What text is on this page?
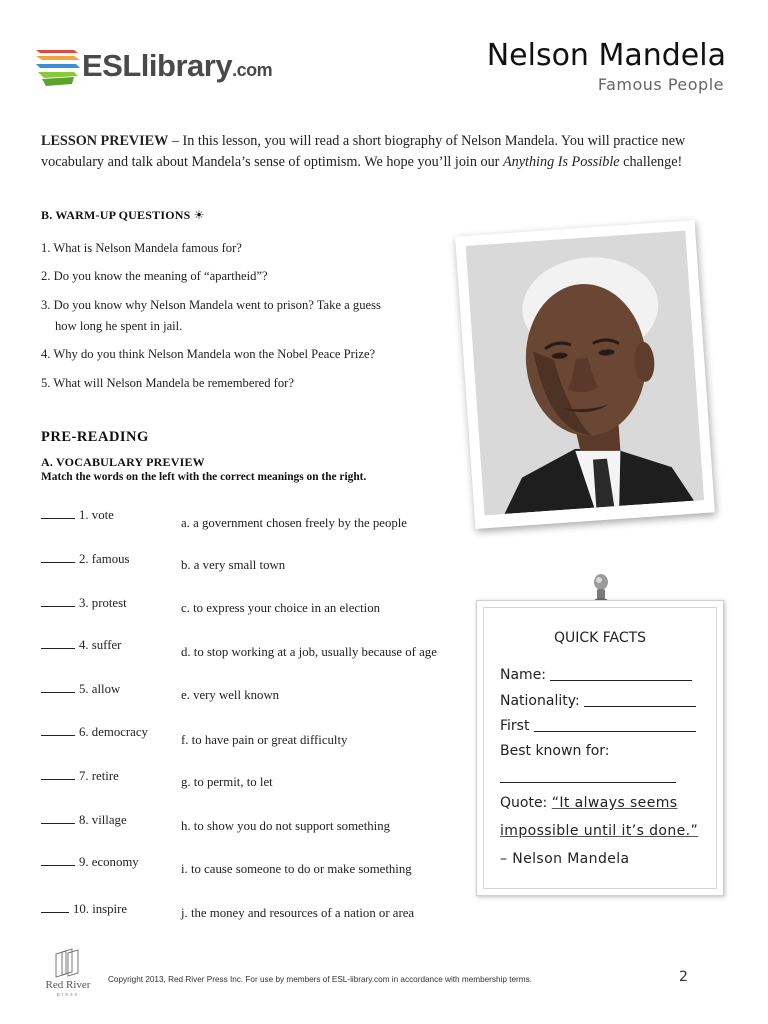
ESLlibrary.com	Nelson Mandela
Famous People
LESSON PREVIEW – In this lesson, you will read a short biography of Nelson Mandela. You will practice new vocabulary and talk about Mandela’s sense of optimism. We hope you’ll join our Anything Is Possible challenge!
B. WARM-UP QUESTIONS ☀
1. What is Nelson Mandela famous for?
2. Do you know the meaning of “apartheid”?
3. Do you know why Nelson Mandela went to prison? Take a guess
how long he spent in jail.
4. Why do you think Nelson Mandela won the Nobel Peace Prize?
5. What will Nelson Mandela be remembered for?
PRE-READING
A. VOCABULARY PREVIEW
Match the words on the left with the correct meanings on the right.
1. vote
2. famous
3. protest
4. suffer
5. allow
6. democracy
7. retire
8. village
9. economy
10. inspire
a. a government chosen freely by the people
b. a very small town
c. to express your choice in an election
d. to stop working at a job, usually because of age
e. very well known
f. to have pain or great difficulty
g. to permit, to let
h. to show you do not support something
i. to cause someone to do or make something
j. the money and resources of a nation or area
QUICK FACTS
Name:
Nationality:
First
Best known for:
Quote: “It always seems
impossible until it’s done.”
– Nelson Mandela
Red River
press
Copyright 2013, Red River Press Inc. For use by members of ESL-library.com in accordance with membership terms.	2
